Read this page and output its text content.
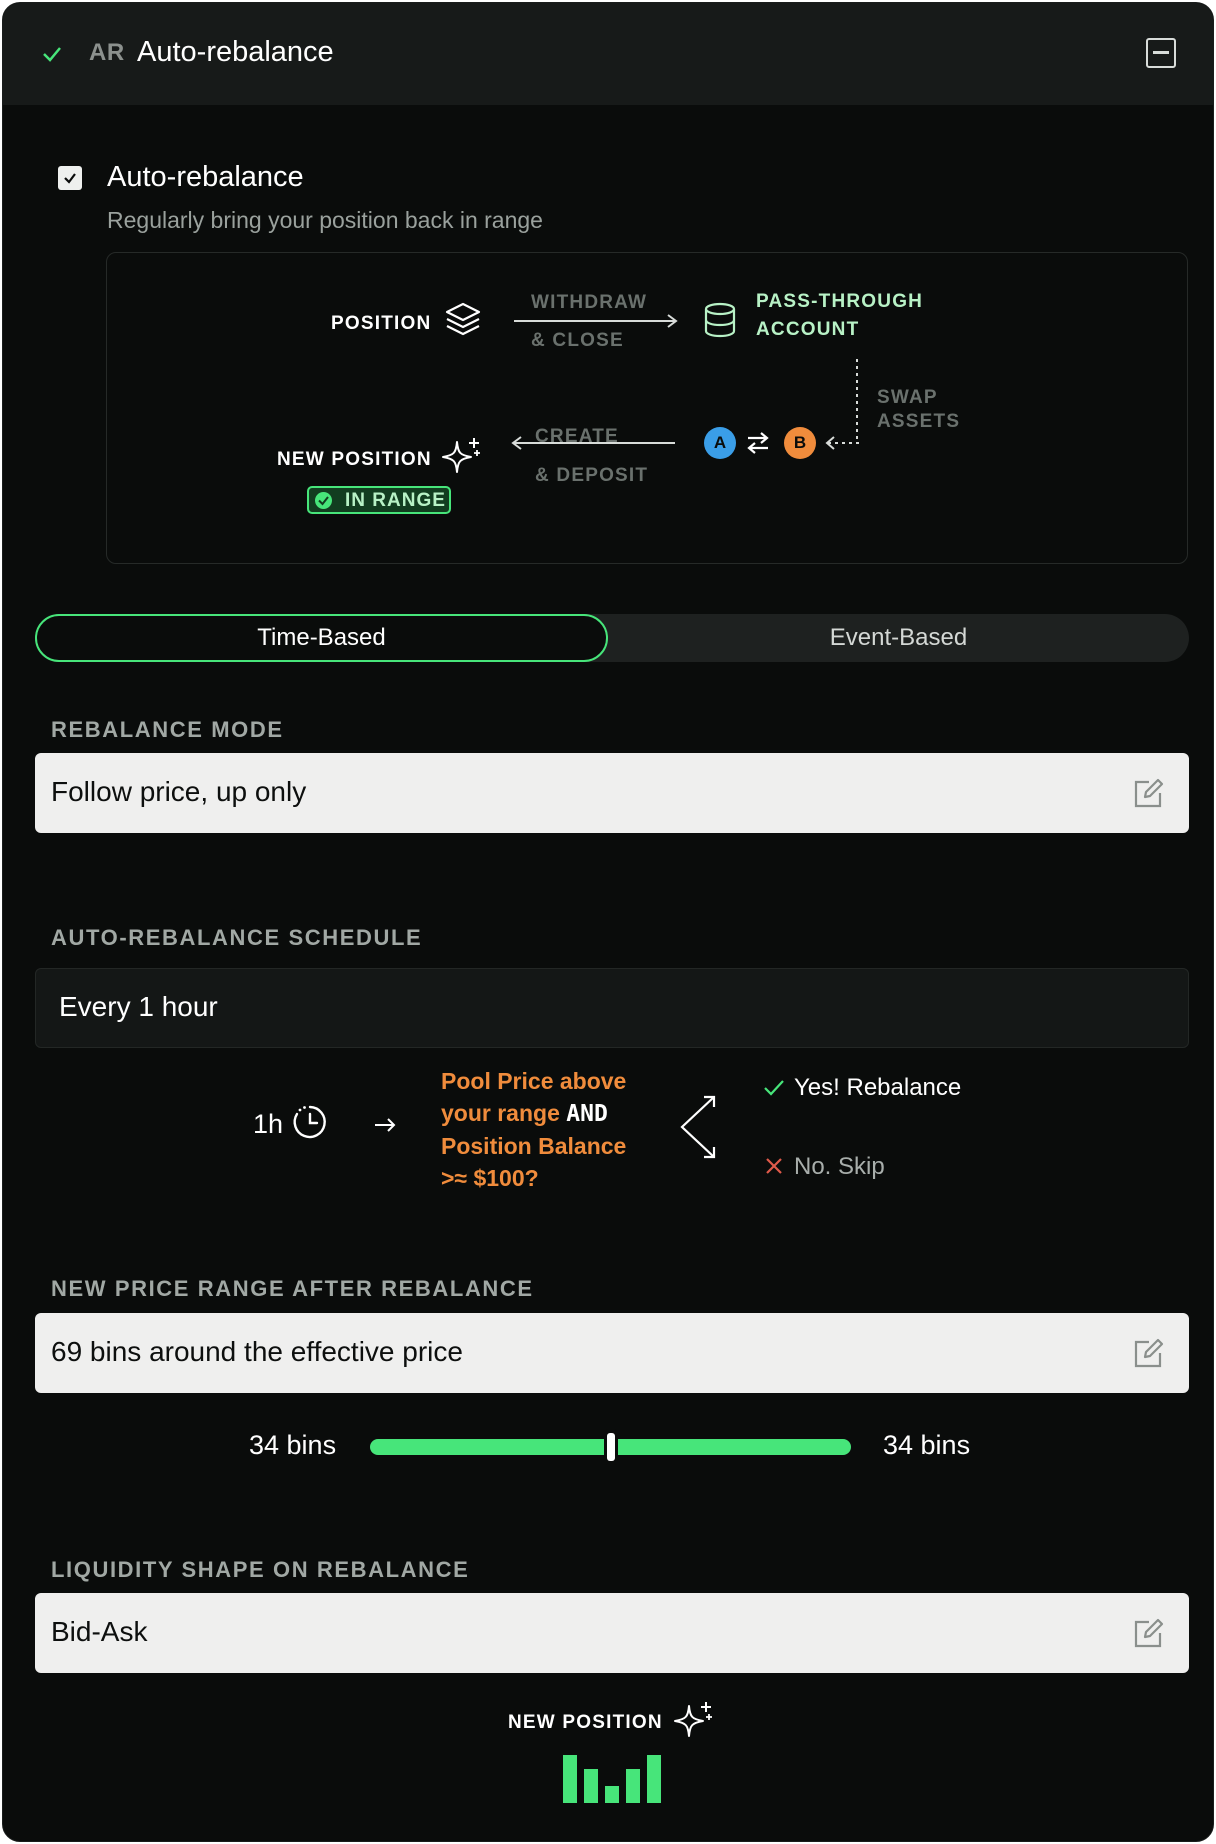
AR Auto-rebalance
Auto-rebalance
Regularly bring your position back in range
POSITION
WITHDRAW
& CLOSE
PASS-THROUGH
ACCOUNT
SWAP
ASSETS
A	B
CREATE
& DEPOSIT
NEW POSITION
IN RANGE
Time-Based	Event-Based
REBALANCE MODE
Follow price, up only
AUTO-REBALANCE SCHEDULE
Every 1 hour
1h
Pool Price above
your range AND
Position Balance
>≈ $100?
Yes! Rebalance
No. Skip
NEW PRICE RANGE AFTER REBALANCE
69 bins around the effective price
34 bins	34 bins
LIQUIDITY SHAPE ON REBALANCE
Bid-Ask
NEW POSITION
